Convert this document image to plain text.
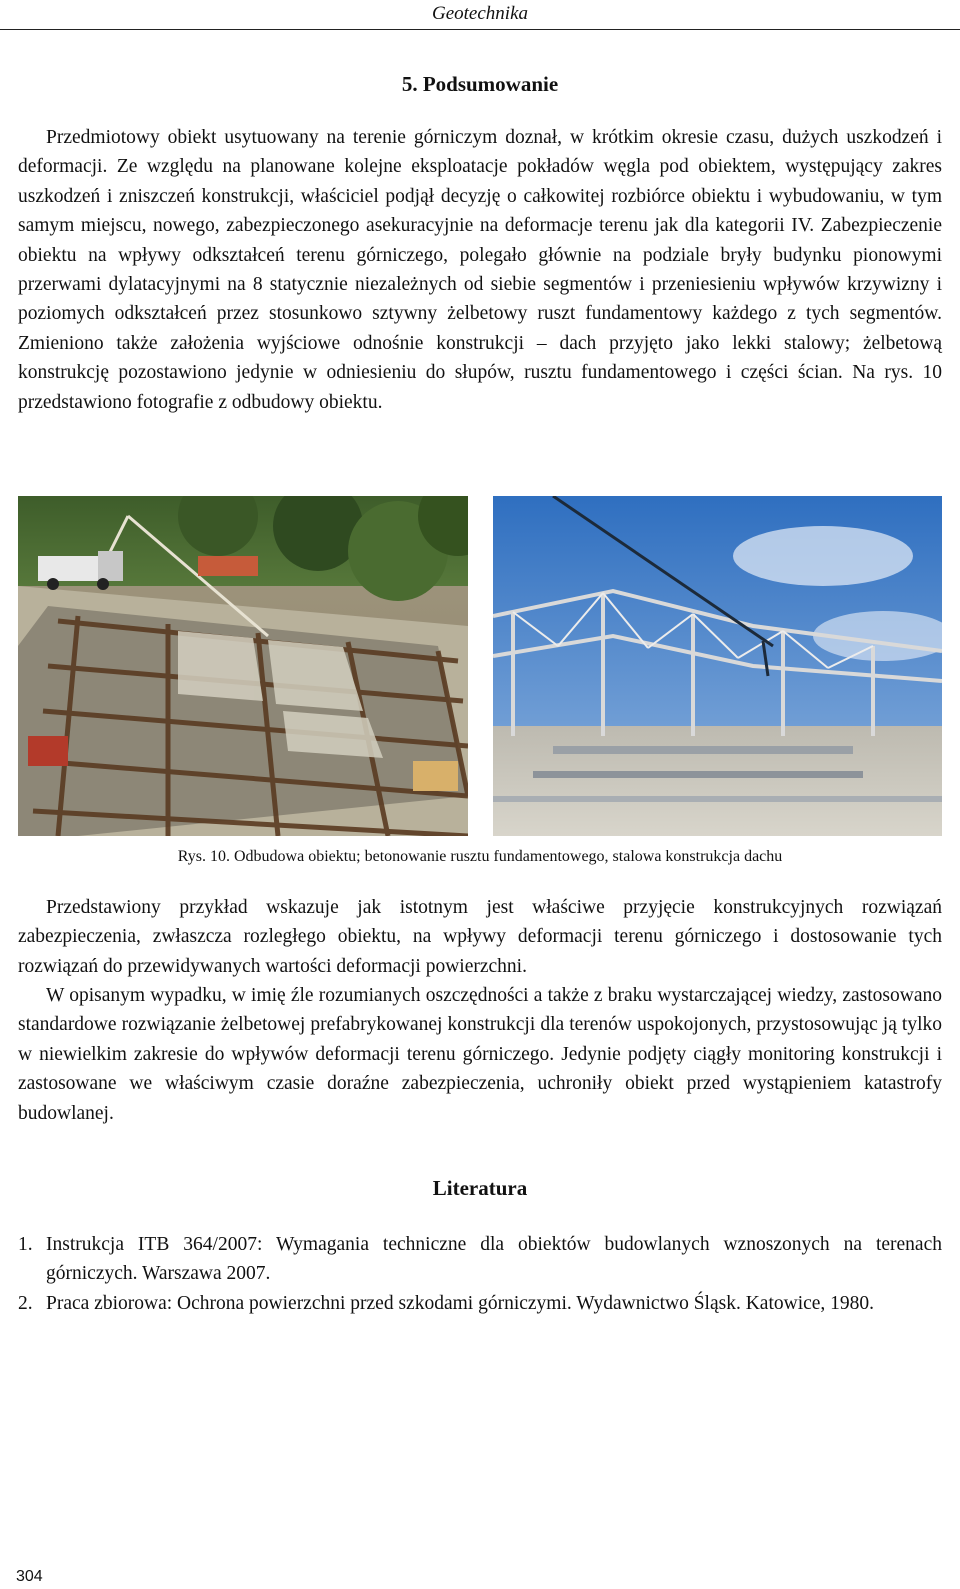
Geotechnika
5. Podsumowanie

Przedmiotowy obiekt usytuowany na terenie górniczym doznał, w krótkim okresie czasu, dużych uszkodzeń i deformacji. Ze względu na planowane kolejne eksploatacje pokładów węgla pod obiektem, występujący zakres uszkodzeń i zniszczeń konstrukcji, właściciel podjął decyzję o całkowitej rozbiórce obiektu i wybudowaniu, w tym samym miejscu, nowego, zabezpieczonego asekuracyjnie na deformacje terenu jak dla kategorii IV. Zabezpieczenie obiektu na wpływy odkształceń terenu górniczego, polegało głównie na podziale bryły budynku pionowymi przerwami dylatacyjnymi na 8 statycznie niezależnych od siebie segmentów i przeniesieniu wpływów krzywizny i poziomych odkształceń przez stosunkowo sztywny żelbetowy ruszt fundamentowy każdego z tych segmentów. Zmieniono także założenia wyjściowe odnośnie konstrukcji – dach przyjęto jako lekki stalowy; żelbetową konstrukcję pozostawiono jedynie w odniesieniu do słupów, rusztu fundamentowego i części ścian. Na rys. 10 przedstawiono fotografie z odbudowy obiektu.

Rys. 10. Odbudowa obiektu; betonowanie rusztu fundamentowego, stalowa konstrukcja dachu

Przedstawiony przykład wskazuje jak istotnym jest właściwe przyjęcie konstrukcyjnych rozwiązań zabezpieczenia, zwłaszcza rozległego obiektu, na wpływy deformacji terenu górniczego i dostosowanie tych rozwiązań do przewidywanych wartości deformacji powierzchni.

W opisanym wypadku, w imię źle rozumianych oszczędności a także z braku wystarczającej wiedzy, zastosowano standardowe rozwiązanie żelbetowej prefabrykowanej konstrukcji dla terenów uspokojonych, przystosowując ją tylko w niewielkim zakresie do wpływów deformacji terenu górniczego. Jedynie podjęty ciągły monitoring konstrukcji i zastosowane we właściwym czasie doraźne zabezpieczenia, uchroniły obiekt przed wystąpieniem katastrofy budowlanej.

Literatura
1. Instrukcja ITB 364/2007: Wymagania techniczne dla obiektów budowlanych wznoszonych na terenach górniczych. Warszawa 2007.
2. Praca zbiorowa: Ochrona powierzchni przed szkodami górniczymi. Wydawnictwo Śląsk. Katowice, 1980.
304
